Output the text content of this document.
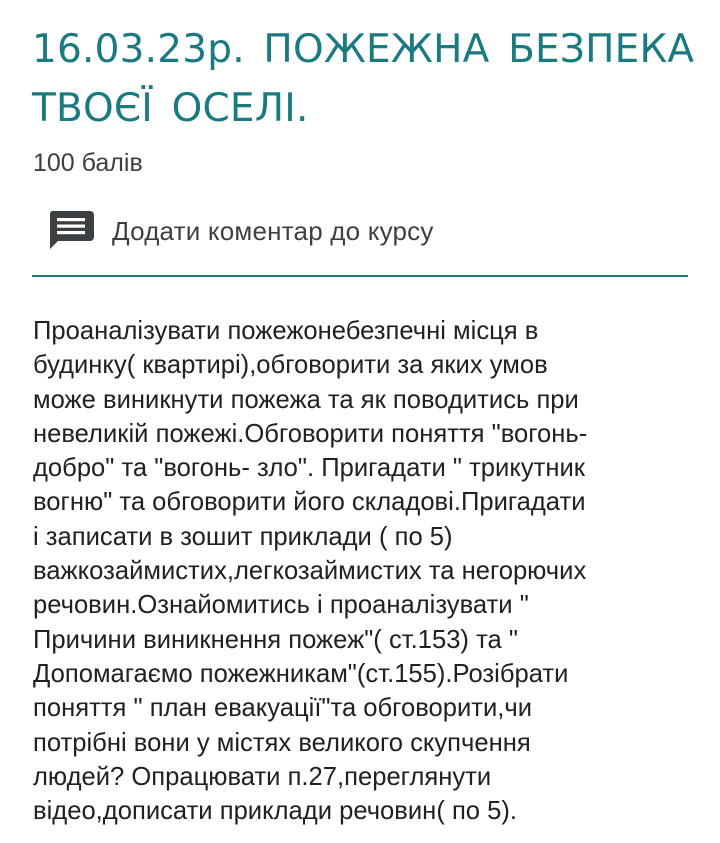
16.03.23р. ПОЖЕЖНА БЕЗПЕКА
ТВОЄЇ ОСЕЛІ.
100 балів
Додати коментар до курсу
Проаналізувати пожежонебезпечні місця в
будинку( квартирі),обговорити за яких умов
може виникнути пожежа та як поводитись при
невеликій пожежі.Обговорити поняття "вогонь-
добро" та "вогонь- зло". Пригадати " трикутник
вогню" та обговорити його складові.Пригадати
і записати в зошит приклади ( по 5)
важкозаймистих,легкозаймистих та негорючих
речовин.Ознайомитись і проаналізувати "
Причини виникнення пожеж"( ст.153) та "
Допомагаємо пожежникам"(ст.155).Розібрати
поняття " план евакуації"та обговорити,чи
потрібні вони у містях великого скупчення
людей? Опрацювати п.27,переглянути
відео,дописати приклади речовин( по 5).
